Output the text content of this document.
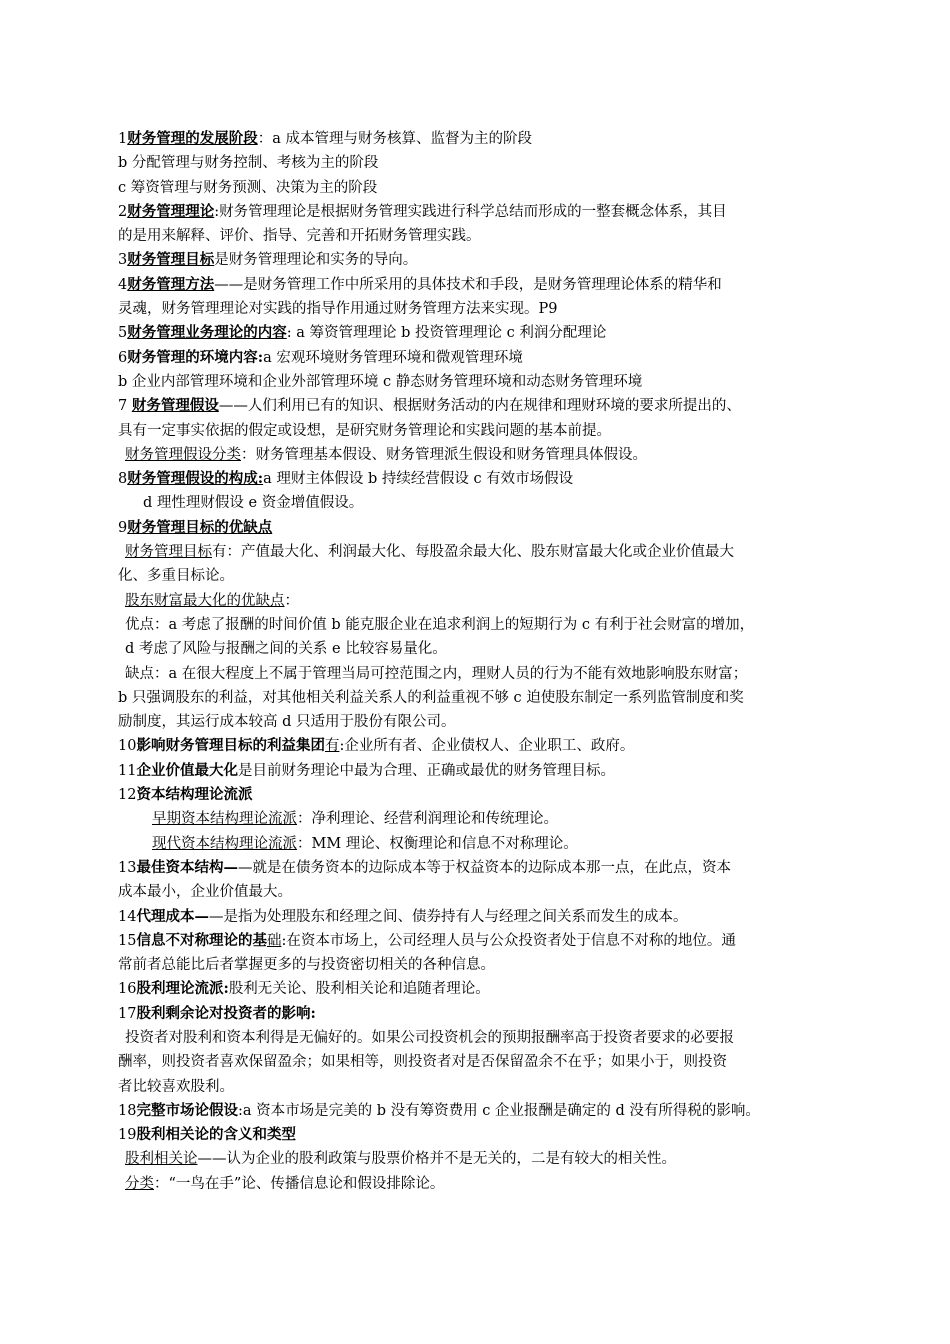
1财务管理的发展阶段：a 成本管理与财务核算、监督为主的阶段
b 分配管理与财务控制、考核为主的阶段
c 筹资管理与财务预测、决策为主的阶段
2财务管理理论:财务管理理论是根据财务管理实践进行科学总结而形成的一整套概念体系，其目
的是用来解释、评价、指导、完善和开拓财务管理实践。
3财务管理目标是财务管理理论和实务的导向。
4财务管理方法——是财务管理工作中所采用的具体技术和手段，是财务管理理论体系的精华和
灵魂，财务管理理论对实践的指导作用通过财务管理方法来实现。P9
5财务管理业务理论的内容: a 筹资管理理论 b 投资管理理论 c 利润分配理论
6财务管理的环境内容:a 宏观环境财务管理环境和微观管理环境
b 企业内部管理环境和企业外部管理环境 c 静态财务管理环境和动态财务管理环境
7 财务管理假设——人们利用已有的知识、根据财务活动的内在规律和理财环境的要求所提出的、
具有一定事实依据的假定或设想，是研究财务管理论和实践问题的基本前提。
财务管理假设分类：财务管理基本假设、财务管理派生假设和财务管理具体假设。
8财务管理假设的构成:a 理财主体假设 b 持续经营假设 c 有效市场假设
d 理性理财假设 e 资金增值假设。
9财务管理目标的优缺点
财务管理目标有：产值最大化、利润最大化、每股盈余最大化、股东财富最大化或企业价值最大
化、多重目标论。
股东财富最大化的优缺点：
优点：a 考虑了报酬的时间价值 b 能克服企业在追求利润上的短期行为 c 有利于社会财富的增加，
d 考虑了风险与报酬之间的关系 e 比较容易量化。
缺点：a 在很大程度上不属于管理当局可控范围之内，理财人员的行为不能有效地影响股东财富；
b 只强调股东的利益，对其他相关利益关系人的利益重视不够 c 迫使股东制定一系列监管制度和奖
励制度，其运行成本较高 d 只适用于股份有限公司。
10影响财务管理目标的利益集团有:企业所有者、企业债权人、企业职工、政府。
11企业价值最大化是目前财务理论中最为合理、正确或最优的财务管理目标。
12资本结构理论流派
早期资本结构理论流派：净利理论、经营利润理论和传统理论。
现代资本结构理论流派：MM 理论、权衡理论和信息不对称理论。
13最佳资本结构——就是在债务资本的边际成本等于权益资本的边际成本那一点，在此点，资本
成本最小，企业价值最大。
14代理成本——是指为处理股东和经理之间、债券持有人与经理之间关系而发生的成本。
15信息不对称理论的基础:在资本市场上，公司经理人员与公众投资者处于信息不对称的地位。通
常前者总能比后者掌握更多的与投资密切相关的各种信息。
16股利理论流派:股利无关论、股利相关论和追随者理论。
17股利剩余论对投资者的影响:
投资者对股利和资本利得是无偏好的。如果公司投资机会的预期报酬率高于投资者要求的必要报
酬率，则投资者喜欢保留盈余；如果相等，则投资者对是否保留盈余不在乎；如果小于，则投资
者比较喜欢股利。
18完整市场论假设:a 资本市场是完美的 b 没有筹资费用 c 企业报酬是确定的 d 没有所得税的影响。
19股利相关论的含义和类型
股利相关论——认为企业的股利政策与股票价格并不是无关的，二是有较大的相关性。
分类：“一鸟在手”论、传播信息论和假设排除论。
